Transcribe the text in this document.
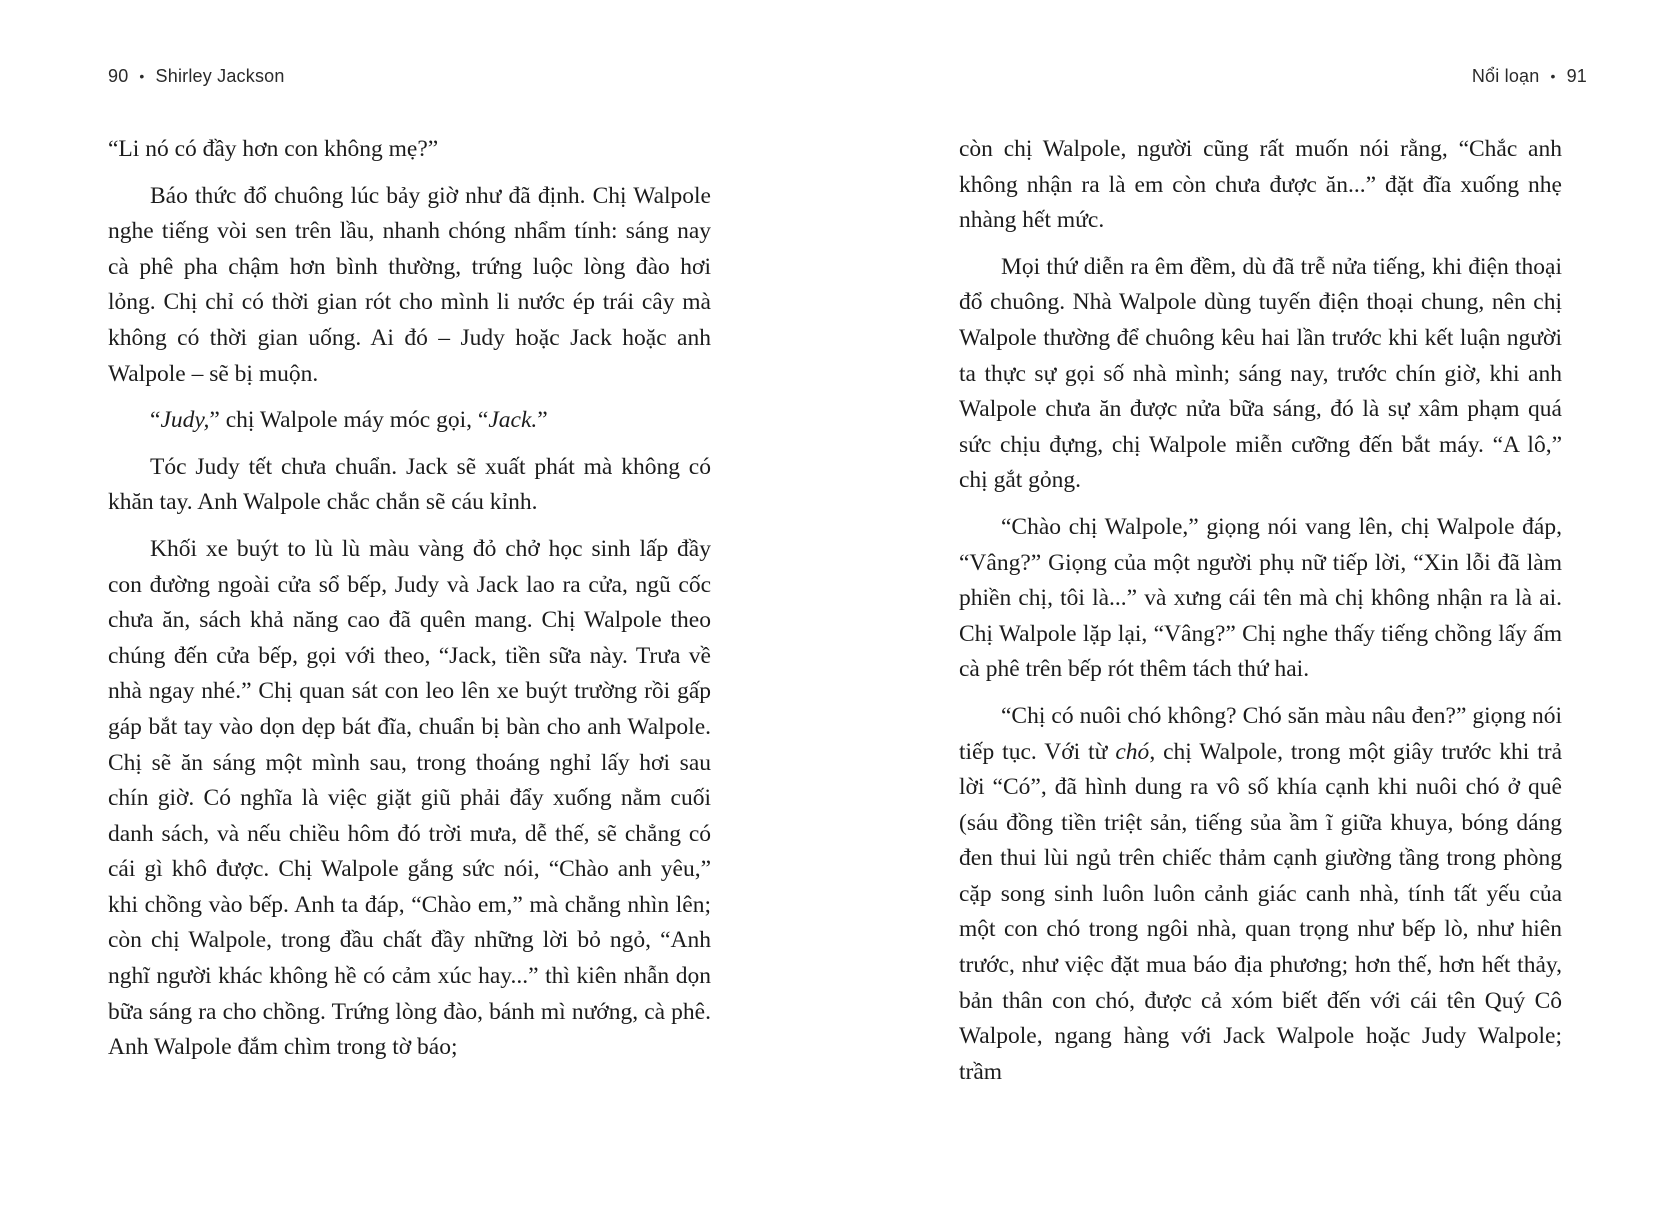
90 • Shirley Jackson

“Li nó có đầy hơn con không mẹ?”

Báo thức đổ chuông lúc bảy giờ như đã định. Chị Walpole nghe tiếng vòi sen trên lầu, nhanh chóng nhẩm tính: sáng nay cà phê pha chậm hơn bình thường, trứng luộc lòng đào hơi lỏng. Chị chỉ có thời gian rót cho mình li nước ép trái cây mà không có thời gian uống. Ai đó – Judy hoặc Jack hoặc anh Walpole – sẽ bị muộn.

“Judy,” chị Walpole máy móc gọi, “Jack.”

Tóc Judy tết chưa chuẩn. Jack sẽ xuất phát mà không có khăn tay. Anh Walpole chắc chắn sẽ cáu kỉnh.

Khối xe buýt to lù lù màu vàng đỏ chở học sinh lấp đầy con đường ngoài cửa sổ bếp, Judy và Jack lao ra cửa, ngũ cốc chưa ăn, sách khả năng cao đã quên mang. Chị Walpole theo chúng đến cửa bếp, gọi với theo, “Jack, tiền sữa này. Trưa về nhà ngay nhé.” Chị quan sát con leo lên xe buýt trường rồi gấp gáp bắt tay vào dọn dẹp bát đĩa, chuẩn bị bàn cho anh Walpole. Chị sẽ ăn sáng một mình sau, trong thoáng nghỉ lấy hơi sau chín giờ. Có nghĩa là việc giặt giũ phải đẩy xuống nằm cuối danh sách, và nếu chiều hôm đó trời mưa, dễ thế, sẽ chẳng có cái gì khô được. Chị Walpole gắng sức nói, “Chào anh yêu,” khi chồng vào bếp. Anh ta đáp, “Chào em,” mà chẳng nhìn lên; còn chị Walpole, trong đầu chất đầy những lời bỏ ngỏ, “Anh nghĩ người khác không hề có cảm xúc hay...” thì kiên nhẫn dọn bữa sáng ra cho chồng. Trứng lòng đào, bánh mì nướng, cà phê. Anh Walpole đắm chìm trong tờ báo;

Nổi loạn • 91

còn chị Walpole, người cũng rất muốn nói rằng, “Chắc anh không nhận ra là em còn chưa được ăn...” đặt đĩa xuống nhẹ nhàng hết mức.

Mọi thứ diễn ra êm đềm, dù đã trễ nửa tiếng, khi điện thoại đổ chuông. Nhà Walpole dùng tuyến điện thoại chung, nên chị Walpole thường để chuông kêu hai lần trước khi kết luận người ta thực sự gọi số nhà mình; sáng nay, trước chín giờ, khi anh Walpole chưa ăn được nửa bữa sáng, đó là sự xâm phạm quá sức chịu đựng, chị Walpole miễn cưỡng đến bắt máy. “A lô,” chị gắt gỏng.

“Chào chị Walpole,” giọng nói vang lên, chị Walpole đáp, “Vâng?” Giọng của một người phụ nữ tiếp lời, “Xin lỗi đã làm phiền chị, tôi là...” và xưng cái tên mà chị không nhận ra là ai. Chị Walpole lặp lại, “Vâng?” Chị nghe thấy tiếng chồng lấy ấm cà phê trên bếp rót thêm tách thứ hai.

“Chị có nuôi chó không? Chó săn màu nâu đen?” giọng nói tiếp tục. Với từ chó, chị Walpole, trong một giây trước khi trả lời “Có”, đã hình dung ra vô số khía cạnh khi nuôi chó ở quê (sáu đồng tiền triệt sản, tiếng sủa ầm ĩ giữa khuya, bóng dáng đen thui lùi ngủ trên chiếc thảm cạnh giường tầng trong phòng cặp song sinh luôn luôn cảnh giác canh nhà, tính tất yếu của một con chó trong ngôi nhà, quan trọng như bếp lò, như hiên trước, như việc đặt mua báo địa phương; hơn thế, hơn hết thảy, bản thân con chó, được cả xóm biết đến với cái tên Quý Cô Walpole, ngang hàng với Jack Walpole hoặc Judy Walpole; trầm
